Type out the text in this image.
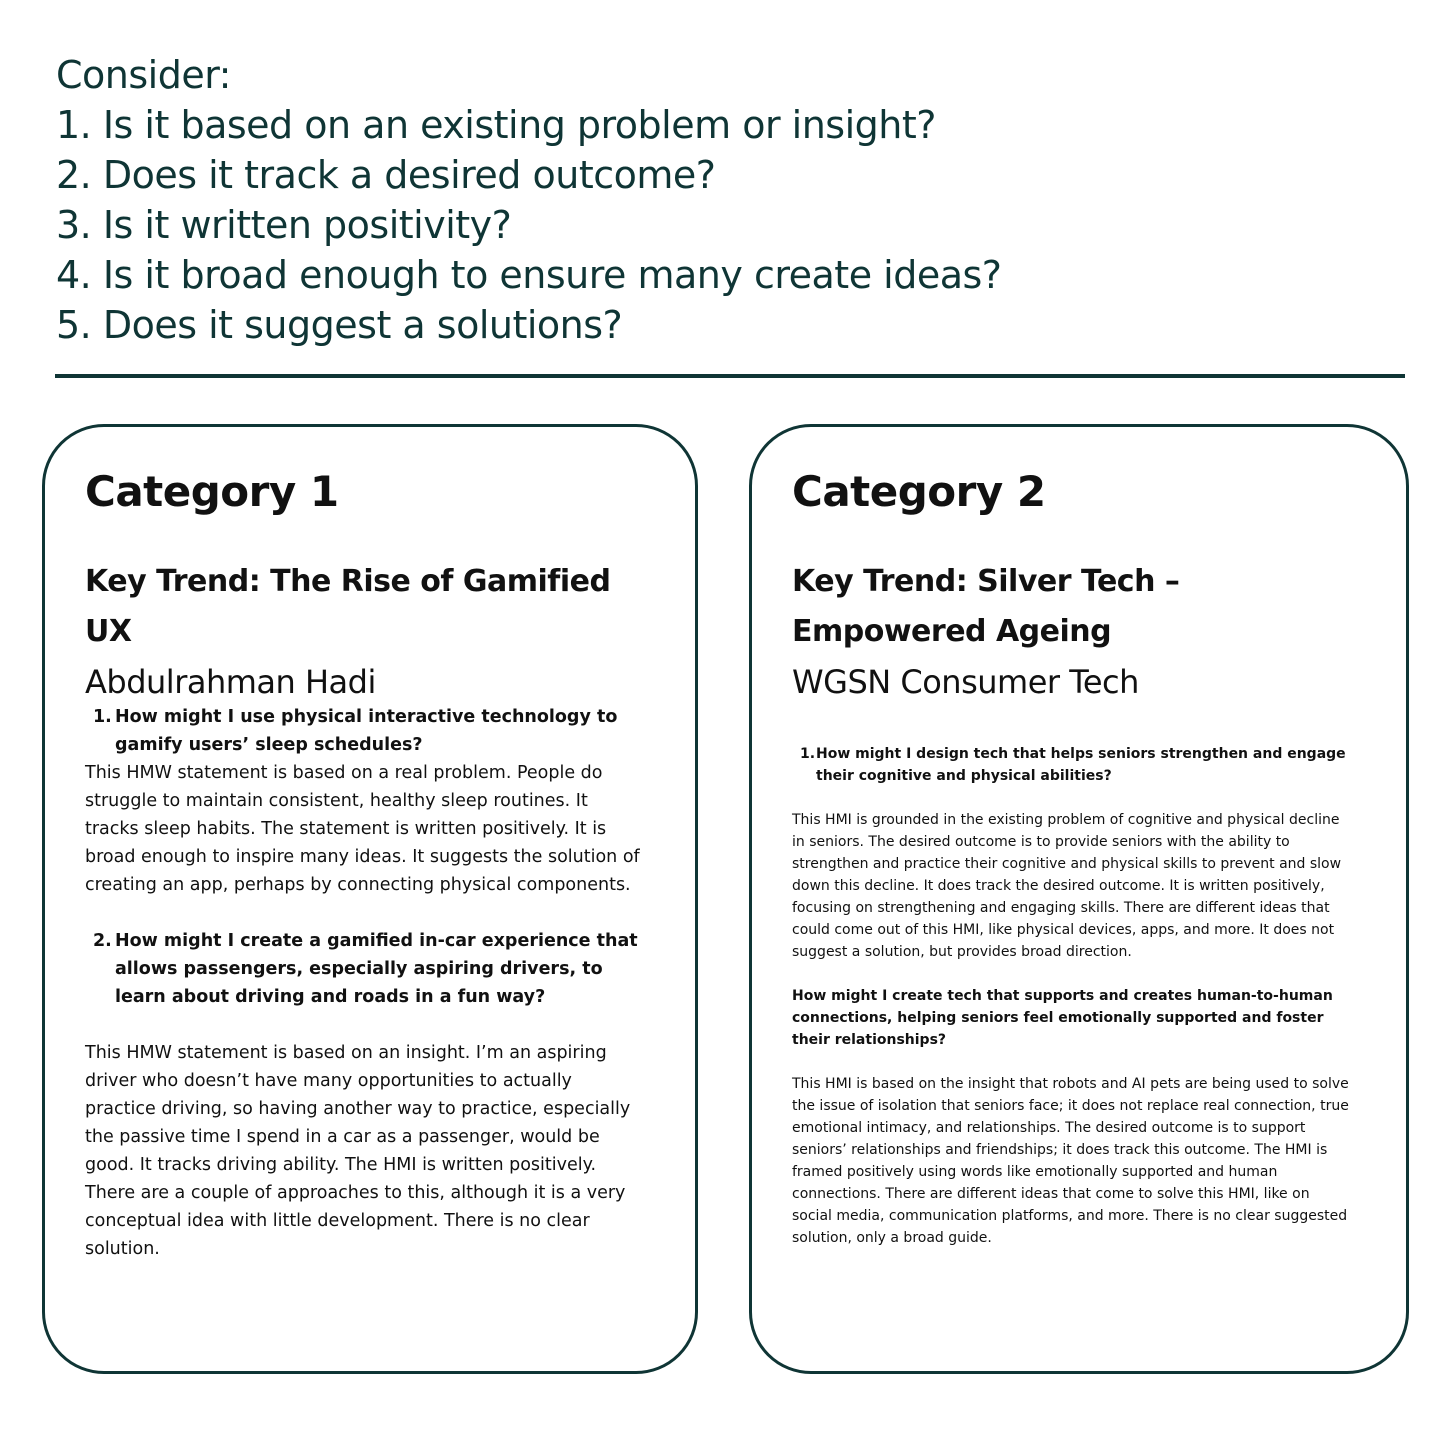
Consider:
1. Is it based on an existing problem or insight?
2. Does it track a desired outcome?
3. Is it written positivity?
4. Is it broad enough to ensure many create ideas?
5. Does it suggest a solutions?
Category 1
Key Trend: The Rise of Gamified UX
Abdulrahman Hadi
1. How might I use physical interactive technology to gamify users’ sleep schedules?

This HMW statement is based on a real problem. People do struggle to maintain consistent, healthy sleep routines. It tracks sleep habits. The statement is written positively. It is broad enough to inspire many ideas. It suggests the solution of creating an app, perhaps by connecting physical components.

2. How might I create a gamified in-car experience that allows passengers, especially aspiring drivers, to learn about driving and roads in a fun way?

This HMW statement is based on an insight. I’m an aspiring driver who doesn’t have many opportunities to actually practice driving, so having another way to practice, especially the passive time I spend in a car as a passenger, would be good. It tracks driving ability. The HMI is written positively. There are a couple of approaches to this, although it is a very conceptual idea with little development. There is no clear solution.

Category 2
Key Trend: Silver Tech – Empowered Ageing
WGSN Consumer Tech
1. How might I design tech that helps seniors strengthen and engage their cognitive and physical abilities?

This HMI is grounded in the existing problem of cognitive and physical decline in seniors. The desired outcome is to provide seniors with the ability to strengthen and practice their cognitive and physical skills to prevent and slow down this decline. It does track the desired outcome. It is written positively, focusing on strengthening and engaging skills. There are different ideas that could come out of this HMI, like physical devices, apps, and more. It does not suggest a solution, but provides broad direction.

How might I create tech that supports and creates human-to-human connections, helping seniors feel emotionally supported and foster their relationships?

This HMI is based on the insight that robots and AI pets are being used to solve the issue of isolation that seniors face; it does not replace real connection, true emotional intimacy, and relationships. The desired outcome is to support seniors’ relationships and friendships; it does track this outcome. The HMI is framed positively using words like emotionally supported and human connections. There are different ideas that come to solve this HMI, like on social media, communication platforms, and more. There is no clear suggested solution, only a broad guide.
